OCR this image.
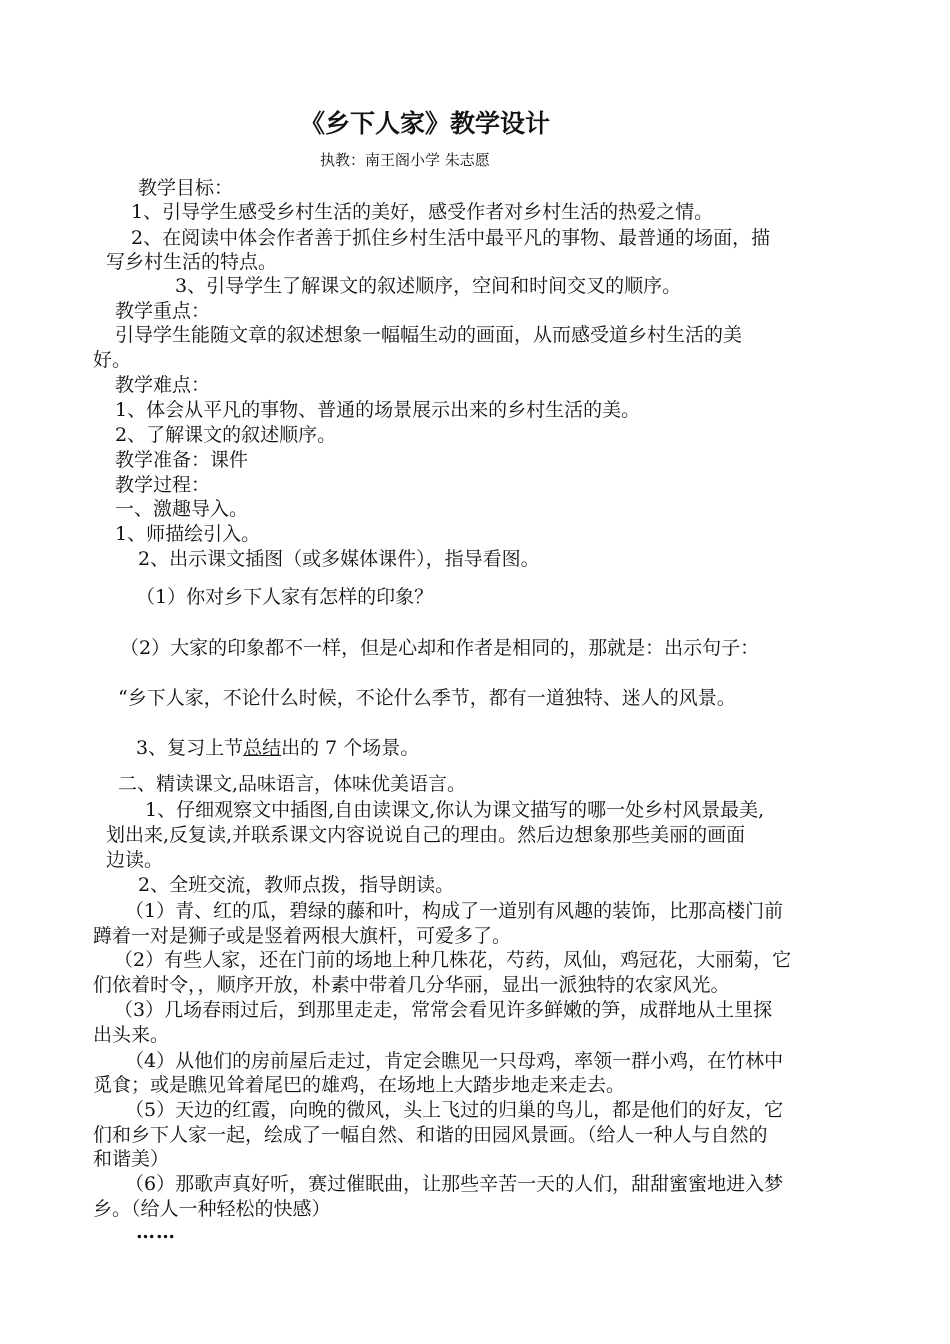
《乡下人家》教学设计
执教：南王阁小学 朱志愿
教学目标：
1、引导学生感受乡村生活的美好，感受作者对乡村生活的热爱之情。
2、在阅读中体会作者善于抓住乡村生活中最平凡的事物、最普通的场面，描
写乡村生活的特点。
3、引导学生了解课文的叙述顺序，空间和时间交叉的顺序。
教学重点：
引导学生能随文章的叙述想象一幅幅生动的画面，从而感受道乡村生活的美
好。
教学难点：
1、体会从平凡的事物、普通的场景展示出来的乡村生活的美。
2、了解课文的叙述顺序。
教学准备：课件
教学过程：
一、激趣导入。
1、师描绘引入。
2、出示课文插图（或多媒体课件），指导看图。
（1）你对乡下人家有怎样的印象？
（2）大家的印象都不一样，但是心却和作者是相同的，那就是：出示句子：
“乡下人家，不论什么时候，不论什么季节，都有一道独特、迷人的风景。
3、复习上节总结出的 7 个场景。
二、精读课文,品味语言，体味优美语言。
1、仔细观察文中插图,自由读课文,你认为课文描写的哪一处乡村风景最美,
划出来,反复读,并联系课文内容说说自己的理由。然后边想象那些美丽的画面
边读。
2、全班交流，教师点拨，指导朗读。
（1）青、红的瓜，碧绿的藤和叶，构成了一道别有风趣的装饰，比那高楼门前
蹲着一对是狮子或是竖着两根大旗杆，可爱多了。
（2）有些人家，还在门前的场地上种几株花，芍药，凤仙，鸡冠花，大丽菊，它
们依着时令，，顺序开放，朴素中带着几分华丽，显出一派独特的农家风光。
（3）几场春雨过后，到那里走走，常常会看见许多鲜嫩的笋，成群地从土里探
出头来。
（4）从他们的房前屋后走过，肯定会瞧见一只母鸡，率领一群小鸡，在竹林中
觅食；或是瞧见耸着尾巴的雄鸡，在场地上大踏步地走来走去。
（5）天边的红霞，向晚的微风，头上飞过的归巢的鸟儿，都是他们的好友，它
们和乡下人家一起，绘成了一幅自然、和谐的田园风景画。（给人一种人与自然的
和谐美）
（6）那歌声真好听，赛过催眠曲，让那些辛苦一天的人们，甜甜蜜蜜地进入梦
乡。（给人一种轻松的快感）
……
